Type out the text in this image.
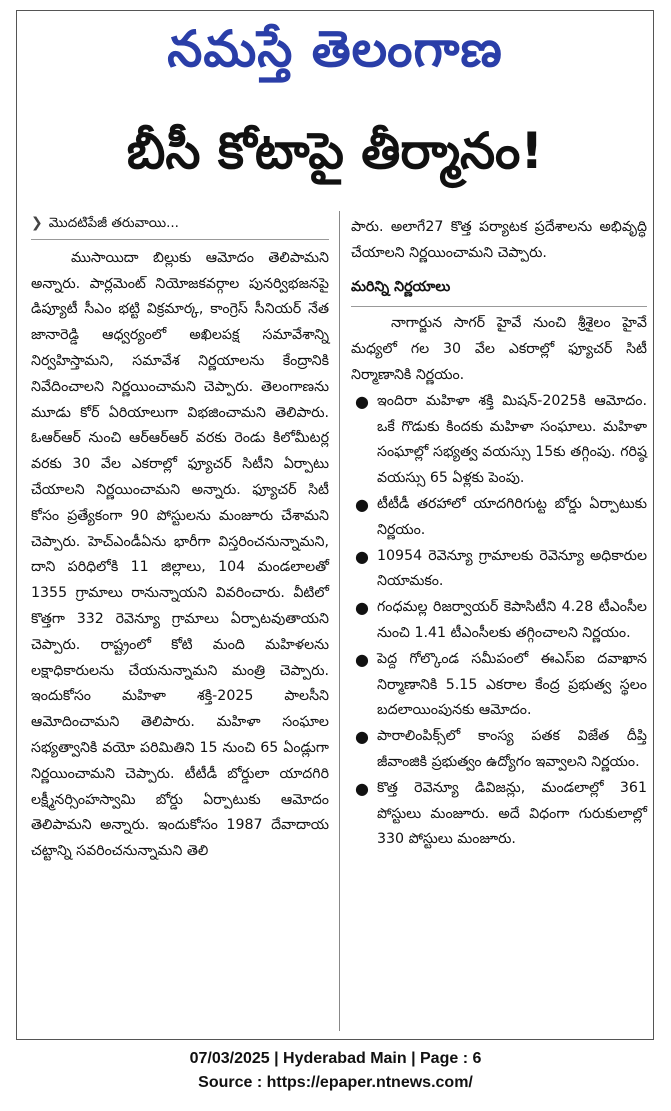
నమస్తే తెలంగాణ
బీసీ కోటాపై తీర్మానం!
❯ మొదటిపేజీ తరువాయి...

ముసాయిదా బిల్లుకు ఆమోదం తెలిపామని అన్నారు. పార్లమెంట్ నియోజకవర్గాల పునర్విభజనపై డిప్యూటీ సీఎం భట్టి విక్రమార్క, కాంగ్రెస్ సీనియర్ నేత జానారెడ్డి ఆధ్వర్యంలో అఖిలపక్ష సమావేశాన్ని నిర్వహిస్తామని, సమావేశ నిర్ణయాలను కేంద్రానికి నివేదించాలని నిర్ణయించామని చెప్పారు. తెలంగాణను మూడు కోర్ ఏరియాలుగా విభజించామని తెలిపారు. ఓఆర్ఆర్ నుంచి ఆర్ఆర్ఆర్ వరకు రెండు కిలోమీటర్ల వరకు 30 వేల ఎకరాల్లో ఫ్యూచర్ సిటీని ఏర్పాటు చేయాలని నిర్ణయించామని అన్నారు. ఫ్యూచర్ సిటీ కోసం ప్రత్యేకంగా 90 పోస్టులను మంజూరు చేశామని చెప్పారు. హెచ్ఎండీఏను భారీగా విస్తరించనున్నామని, దాని పరిధిలోకి 11 జిల్లాలు, 104 మండలాలతో 1355 గ్రామాలు రానున్నాయని వివరించారు. వీటిలో కొత్తగా 332 రెవెన్యూ గ్రామాలు ఏర్పాటవుతాయని చెప్పారు. రాష్ట్రంలో కోటి మంది మహిళలను లక్షాధికారులను చేయనున్నామని మంత్రి చెప్పారు. ఇందుకోసం మహిళా శక్తి-2025 పాలసీని ఆమోదించామని తెలిపారు. మహిళా సంఘాల సభ్యత్వానికి వయో పరిమితిని 15 నుంచి 65 ఏండ్లుగా నిర్ణయించామని చెప్పారు. టీటీడీ బోర్డులా యాదగిరి లక్ష్మీనర్సింహస్వామి బోర్డు ఏర్పాటుకు ఆమోదం తెలిపామని అన్నారు. ఇందుకోసం 1987 దేవాదాయ చట్టాన్ని సవరించనున్నామని తెలి

పారు. అలాగే27 కొత్త పర్యాటక ప్రదేశాలను అభివృద్ధి చేయాలని నిర్ణయించామని చెప్పారు.

మరిన్ని నిర్ణయాలు

నాగార్జున సాగర్ హైవే నుంచి శ్రీశైలం హైవే మధ్యలో గల 30 వేల ఎకరాల్లో ఫ్యూచర్ సిటీ నిర్మాణానికి నిర్ణయం.

● ఇందిరా మహిళా శక్తి మిషన్-2025కి ఆమోదం. ఒకే గొడుకు కిందకు మహిళా సంఘాలు. మహిళా సంఘాల్లో సభ్యత్వ వయస్సు 15కు తగ్గింపు. గరిష్ఠ వయస్సు 65 ఏళ్లకు పెంపు.
● టీటీడీ తరహాలో యాదగిరిగుట్ట బోర్డు ఏర్పాటుకు నిర్ణయం.
● 10954 రెవెన్యూ గ్రామాలకు రెవెన్యూ అధికారుల నియామకం.
● గంధమల్ల రిజర్వాయర్ కెపాసిటీని 4.28 టీఎంసీల నుంచి 1.41 టీఎంసీలకు తగ్గించాలని నిర్ణయం.
● పెద్ద గోల్కొండ సమీపంలో ఈఎస్ఐ దవాఖాన నిర్మాణానికి 5.15 ఎకరాల కేంద్ర ప్రభుత్వ స్థలం బదలాయింపునకు ఆమోదం.
● పారాలింపిక్స్‌లో కాంస్య పతక విజేత దీప్తి జీవాంజికి ప్రభుత్వం ఉద్యోగం ఇవ్వాలని నిర్ణయం.
● కొత్త రెవెన్యూ డివిజన్లు, మండలాల్లో 361 పోస్టులు మంజూరు. అదే విధంగా గురుకులాల్లో 330 పోస్టులు మంజూరు.
07/03/2025 | Hyderabad Main | Page : 6
Source : https://epaper.ntnews.com/
